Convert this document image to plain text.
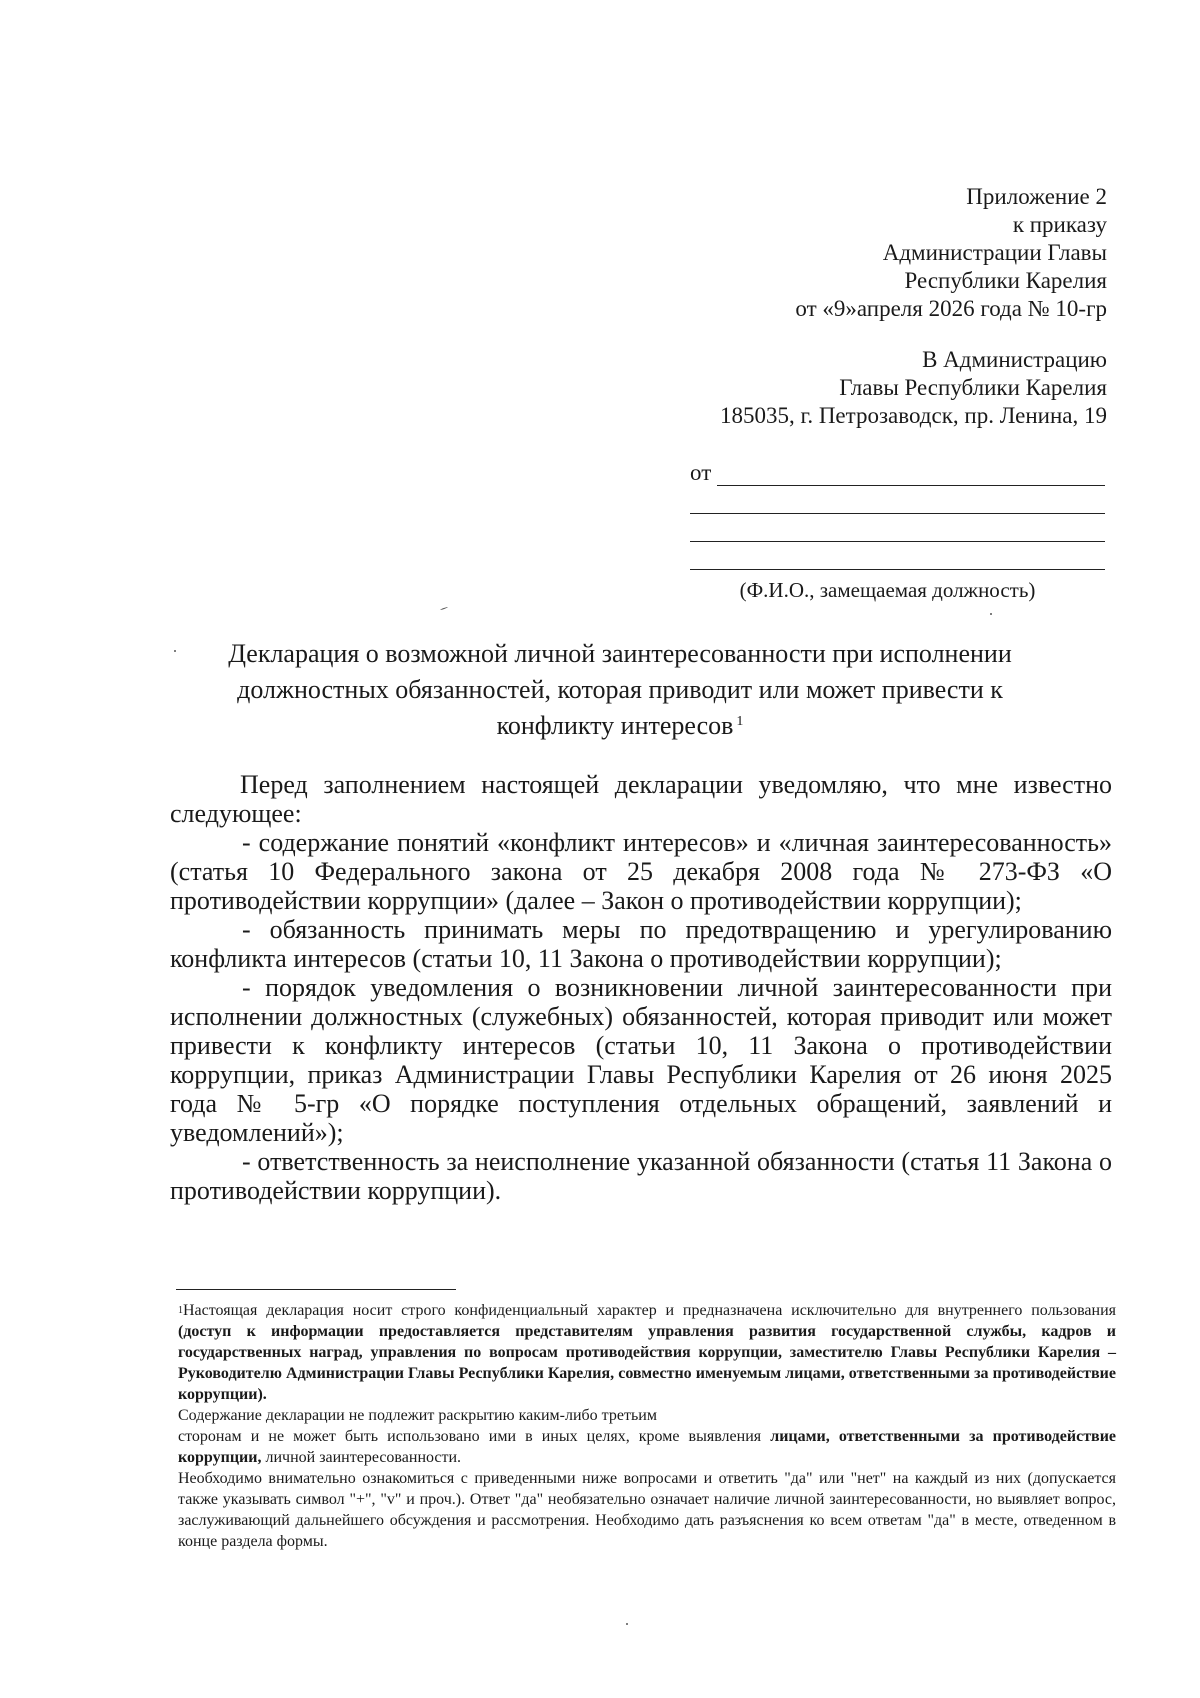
Приложение 2
к приказу
Администрации Главы
Республики Карелия
от «9»апреля 2026 года № 10-гр
В Администрацию
Главы Республики Карелия
185035, г. Петрозаводск, пр. Ленина, 19
от
(Ф.И.О., замещаемая должность)
Декларация о возможной личной заинтересованности при исполнении
должностных обязанностей, которая приводит или может привести к
конфликту интересов $^1$

Перед заполнением настоящей декларации уведомляю, что мне известно следующее:

- содержание понятий «конфликт интересов» и «личная заинтересованность» (статья 10 Федерального закона от 25 декабря 2008 года № 273-ФЗ «О противодействии коррупции» (далее – Закон о противодействии коррупции);

- обязанность принимать меры по предотвращению и урегулированию конфликта интересов (статьи 10, 11 Закона о противодействии коррупции);

- порядок уведомления о возникновении личной заинтересованности при исполнении должностных (служебных) обязанностей, которая приводит или может привести к конфликту интересов (статьи 10, 11 Закона о противодействии коррупции, приказ Администрации Главы Республики Карелия от 26 июня 2025 года № 5-гр «О порядке поступления отдельных обращений, заявлений и уведомлений»);

- ответственность за неисполнение указанной обязанности (статья 11 Закона о противодействии коррупции).

$^1$Настоящая декларация носит строго конфиденциальный характер и предназначена исключительно для внутреннего пользования (доступ к информации предоставляется представителям управления развития государственной службы, кадров и государственных наград, управления по вопросам противодействия коррупции, заместителю Главы Республики Карелия – Руководителю Администрации Главы Республики Карелия, совместно именуемым лицами, ответственными за противодействие коррупции).

Содержание декларации не подлежит раскрытию каким-либо третьим

сторонам и не может быть использовано ими в иных целях, кроме выявления лицами, ответственными за противодействие коррупции, личной заинтересованности.

Необходимо внимательно ознакомиться с приведенными ниже вопросами и ответить "да" или "нет" на каждый из них (допускается также указывать символ "+", "v" и проч.). Ответ "да" необязательно означает наличие личной заинтересованности, но выявляет вопрос, заслуживающий дальнейшего обсуждения и рассмотрения. Необходимо дать разъяснения ко всем ответам "да" в месте, отведенном в конце раздела формы.
